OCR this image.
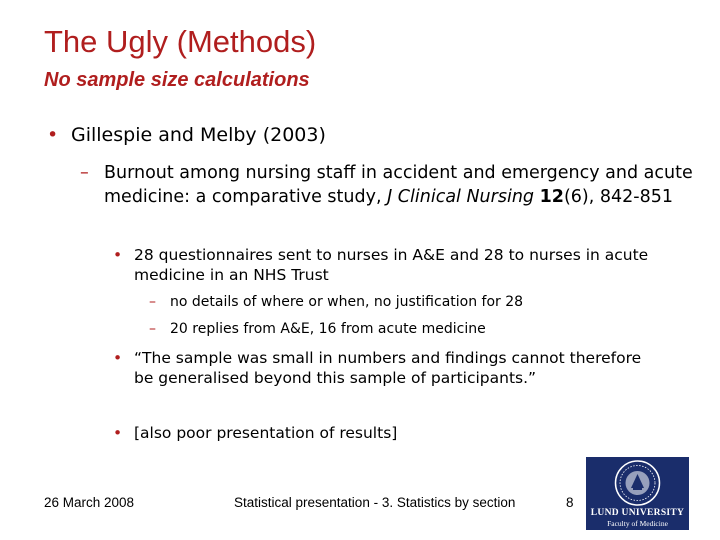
The Ugly (Methods)
No sample size calculations
• Gillespie and Melby (2003)
– Burnout among nursing staff in accident and emergency and acute medicine: a comparative study, J Clinical Nursing 12(6), 842-851
• 28 questionnaires sent to nurses in A&E and 28 to nurses in acute medicine in an NHS Trust
– no details of where or when, no justification for 28
– 20 replies from A&E, 16 from acute medicine
• “The sample was small in numbers and findings cannot therefore be generalised beyond this sample of participants.”
• [also poor presentation of results]
26 March 2008	Statistical presentation - 3. Statistics by section	8
LUND UNIVERSITY
Faculty of Medicine
